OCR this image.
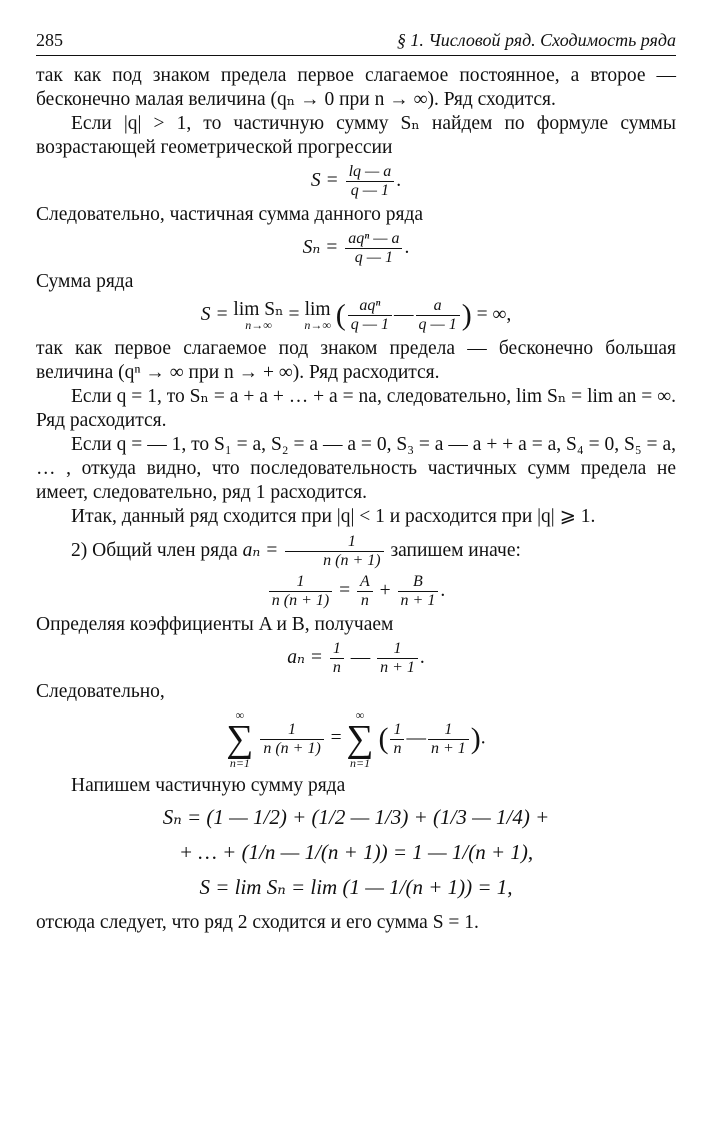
285	§ 1. Числовой ряд. Сходимость ряда

так как под знаком предела первое слагаемое постоянное, а второе — бесконечно малая величина (qₙ → 0 при n → ∞). Ряд сходится.

Если |q| > 1, то частичную сумму Sₙ найдем по формуле суммы возрастающей геометрической прогрессии

$S = \frac{lq — a}{q — 1}$ .

Следовательно, частичная сумма данного ряда

$S_n = \frac{\text{aqⁿ — a}}{q — 1}$ .

Сумма ряда

S = lim Sₙ
n→∞ = lim
n→∞ ( $\frac{\text{aqⁿ}}{q — 1}$ — $\frac{a}{q — 1}$ ) = ∞,

так как первое слагаемое под знаком предела — бесконечно большая величина (qⁿ → ∞ при n → + ∞). Ряд расходится.

Если q = 1, то Sₙ = a + a + … + a = na, следовательно, lim Sₙ = lim an = ∞. Ряд расходится.

Если q = — 1, то S₁ = a, S₂ = a — a = 0, S₃ = a — a + + a = a, S₄ = 0, S₅ = a, … , откуда видно, что последовательность частичных сумм предела не имеет, следовательно, ряд 1 расходится.

Итак, данный ряд сходится при |q| < 1 и расходится при |q| ⩾ 1.

2) Общий член ряда $a_n = \frac{1}{n (n + 1)}$ запишем иначе:

$\frac{1}{n (n + 1)} = \frac{A}{n} + \frac{B}{n + 1}$ .

Определяя коэффициенты A и B, получаем

$a_n = \frac{1}{n}$ — $\frac{1}{n + 1}$ .

Следовательно,

∞
∑
n=1

$\frac{1}{n (n + 1)}$ =
∞
∑
n=1
( $\frac{1}{n}$ — $\frac{1}{n + 1}$ ).

Напишем частичную сумму ряда

Sₙ = (1 — 1/2) + (1/2 — 1/3) + (1/3 — 1/4) +
+ … + (1/n — 1/(n + 1)) = 1 — 1/(n + 1),
S = lim Sₙ = lim (1 — 1/(n + 1)) = 1,

отсюда следует, что ряд 2 сходится и его сумма S = 1.
